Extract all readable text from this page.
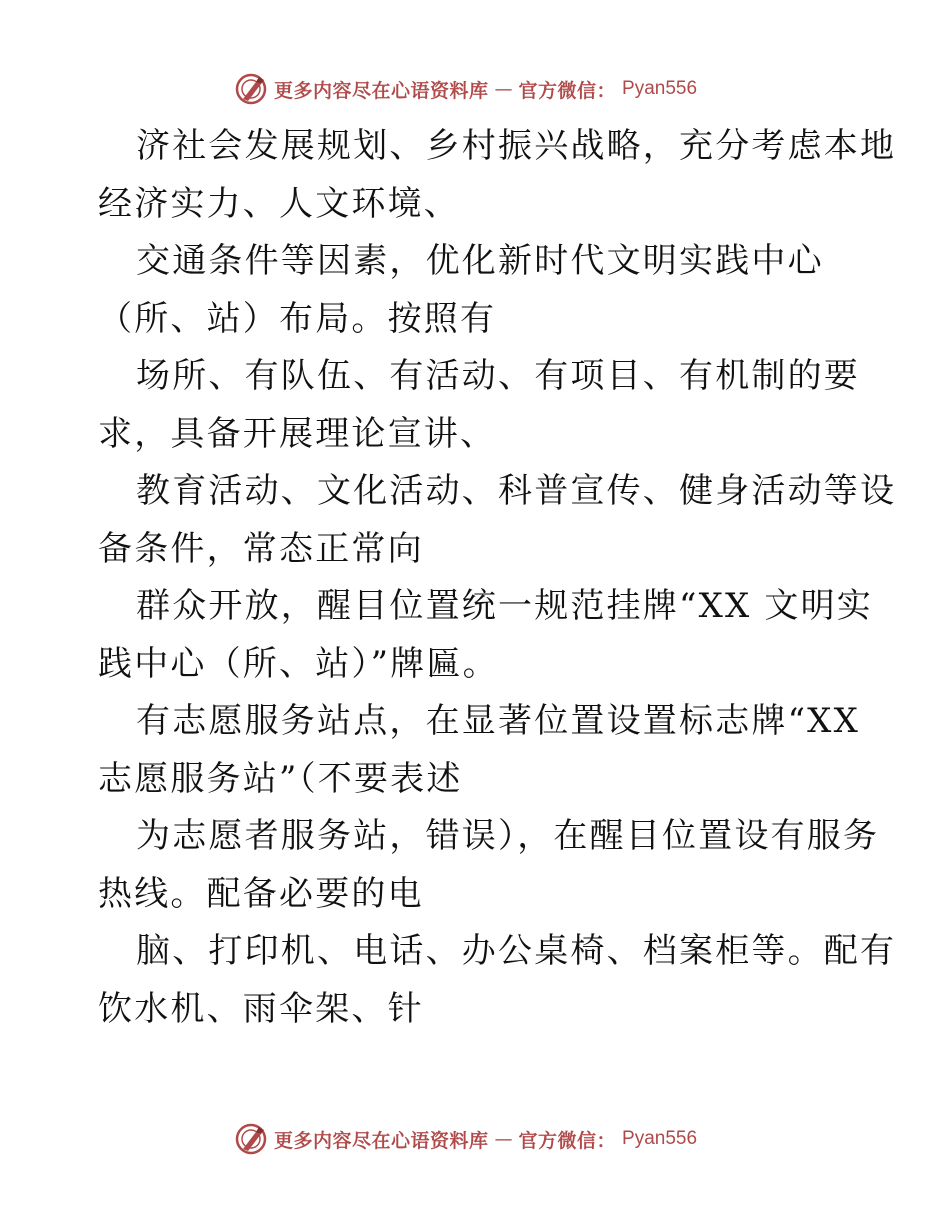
更多内容尽在心语资料库 — 官方微信： Pyan556

济社会发展规划、乡村振兴战略，充分考虑本地
经济实力、人文环境、

交通条件等因素，优化新时代文明实践中心
（所、站）布局。按照有

场所、有队伍、有活动、有项目、有机制的要
求，具备开展理论宣讲、

教育活动、文化活动、科普宣传、健身活动等设
备条件，常态正常向

群众开放，醒目位置统一规范挂牌“XX 文明实
践中心（所、站）”牌匾。

有志愿服务站点，在显著位置设置标志牌“XX
志愿服务站”（不要表述

为志愿者服务站，错误），在醒目位置设有服务
热线。配备必要的电

脑、打印机、电话、办公桌椅、档案柜等。配有
饮水机、雨伞架、针

更多内容尽在心语资料库 — 官方微信： Pyan556
